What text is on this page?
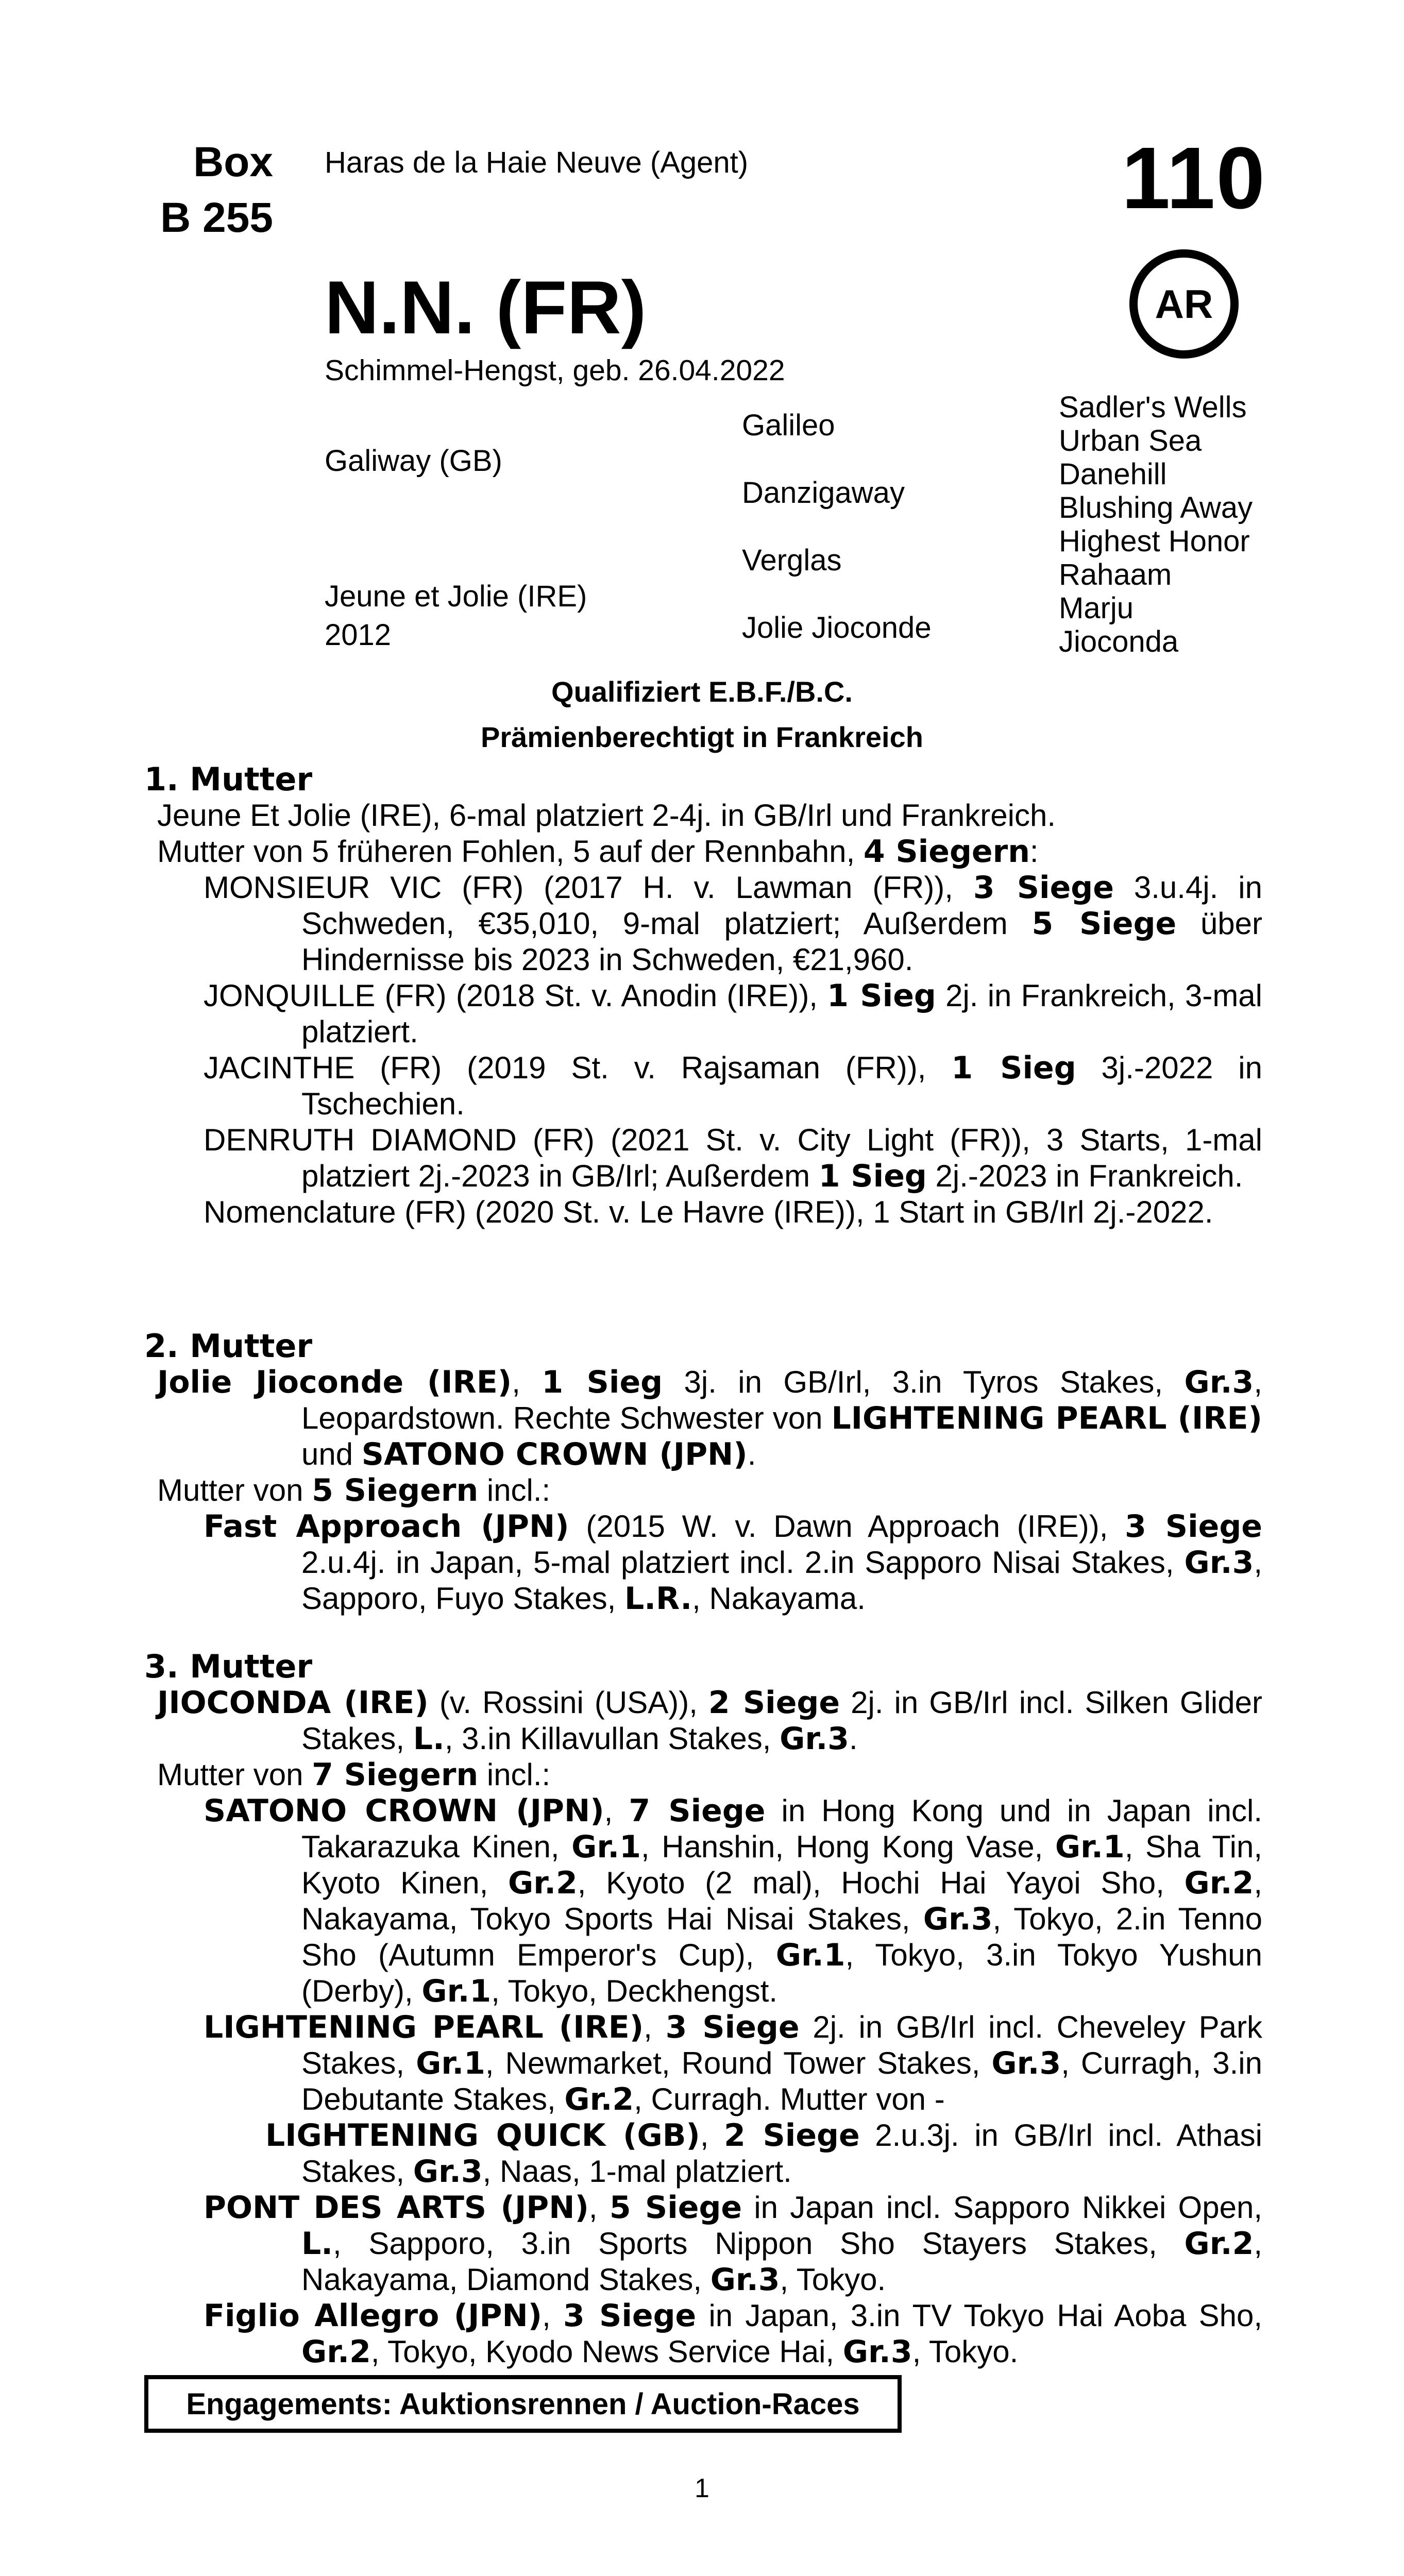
Box
B 255
Haras de la Haie Neuve (Agent)	110
AR
N.N. (FR)
Schimmel-Hengst, geb. 26.04.2022
Galiway (GB)
Jeune et Jolie (IRE)
2012
Galileo
Danzigaway
Verglas
Jolie Jioconde
Sadler's Wells
Urban Sea
Danehill
Blushing Away
Highest Honor
Rahaam
Marju
Jioconda
Qualifiziert E.B.F./B.C.
Prämienberechtigt in Frankreich
1. Mutter
Jeune Et Jolie (IRE), 6-mal platziert 2-4j. in GB/Irl und Frankreich.
Mutter von 5 früheren Fohlen, 5 auf der Rennbahn, 4 Siegern:
MONSIEUR VIC (FR) (2017 H. v. Lawman (FR)), 3 Siege 3.u.4j. in Schweden, €35,010, 9-mal platziert; Außerdem 5 Siege über Hindernisse bis 2023 in Schweden, €21,960.
JONQUILLE (FR) (2018 St. v. Anodin (IRE)), 1 Sieg 2j. in Frankreich, 3-mal platziert.
JACINTHE (FR) (2019 St. v. Rajsaman (FR)), 1 Sieg 3j.-2022 in Tschechien.
DENRUTH DIAMOND (FR) (2021 St. v. City Light (FR)), 3 Starts, 1-mal platziert 2j.-2023 in GB/Irl; Außerdem 1 Sieg 2j.-2023 in Frankreich.
Nomenclature (FR) (2020 St. v. Le Havre (IRE)), 1 Start in GB/Irl 2j.-2022.
2. Mutter
Jolie Jioconde (IRE), 1 Sieg 3j. in GB/Irl, 3.in Tyros Stakes, Gr.3, Leopardstown. Rechte Schwester von LIGHTENING PEARL (IRE) und SATONO CROWN (JPN).
Mutter von 5 Siegern incl.:
Fast Approach (JPN) (2015 W. v. Dawn Approach (IRE)), 3 Siege 2.u.4j. in Japan, 5-mal platziert incl. 2.in Sapporo Nisai Stakes, Gr.3, Sapporo, Fuyo Stakes, L.R., Nakayama.
3. Mutter
JIOCONDA (IRE) (v. Rossini (USA)), 2 Siege 2j. in GB/Irl incl. Silken Glider Stakes, L., 3.in Killavullan Stakes, Gr.3.
Mutter von 7 Siegern incl.:
SATONO CROWN (JPN), 7 Siege in Hong Kong und in Japan incl. Takarazuka Kinen, Gr.1, Hanshin, Hong Kong Vase, Gr.1, Sha Tin, Kyoto Kinen, Gr.2, Kyoto (2 mal), Hochi Hai Yayoi Sho, Gr.2, Nakayama, Tokyo Sports Hai Nisai Stakes, Gr.3, Tokyo, 2.in Tenno Sho (Autumn Emperor's Cup), Gr.1, Tokyo, 3.in Tokyo Yushun (Derby), Gr.1, Tokyo, Deckhengst.
LIGHTENING PEARL (IRE), 3 Siege 2j. in GB/Irl incl. Cheveley Park Stakes, Gr.1, Newmarket, Round Tower Stakes, Gr.3, Curragh, 3.in Debutante Stakes, Gr.2, Curragh. Mutter von -
LIGHTENING QUICK (GB), 2 Siege 2.u.3j. in GB/Irl incl. Athasi Stakes, Gr.3, Naas, 1-mal platziert.
PONT DES ARTS (JPN), 5 Siege in Japan incl. Sapporo Nikkei Open, L., Sapporo, 3.in Sports Nippon Sho Stayers Stakes, Gr.2, Nakayama, Diamond Stakes, Gr.3, Tokyo.
Figlio Allegro (JPN), 3 Siege in Japan, 3.in TV Tokyo Hai Aoba Sho, Gr.2, Tokyo, Kyodo News Service Hai, Gr.3, Tokyo.
Engagements: Auktionsrennen / Auction-Races
1
